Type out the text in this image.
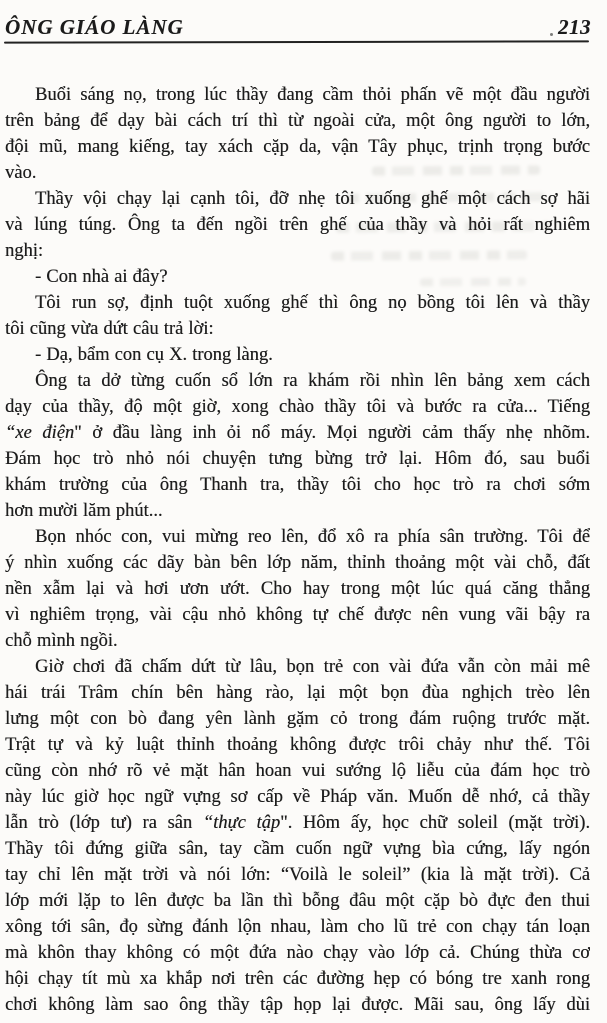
ÔNG GIÁO LÀNG	213
Buổi sáng nọ, trong lúc thầy đang cầm thỏi phấn vẽ một đầu người
trên bảng để dạy bài cách trí thì từ ngoài cửa, một ông người to lớn,
đội mũ, mang kiếng, tay xách cặp da, vận Tây phục, trịnh trọng bước
vào.
Thầy vội chạy lại cạnh tôi, đỡ nhẹ tôi xuống ghế một cách sợ hãi
và lúng túng. Ông ta đến ngồi trên ghế của thầy và hỏi rất nghiêm
nghị:
- Con nhà ai đây?
Tôi run sợ, định tuột xuống ghế thì ông nọ bồng tôi lên và thầy
tôi cũng vừa dứt câu trả lời:
- Dạ, bẩm con cụ X. trong làng.
Ông ta dở từng cuốn sổ lớn ra khám rồi nhìn lên bảng xem cách
dạy của thầy, độ một giờ, xong chào thầy tôi và bước ra cửa... Tiếng
“xe điện" ở đầu làng inh ỏi nổ máy. Mọi người cảm thấy nhẹ nhõm.
Đám học trò nhỏ nói chuyện tưng bừng trở lại. Hôm đó, sau buổi
khám trường của ông Thanh tra, thầy tôi cho học trò ra chơi sớm
hơn mười lăm phút...
Bọn nhóc con, vui mừng reo lên, đổ xô ra phía sân trường. Tôi để
ý nhìn xuống các dãy bàn bên lớp năm, thỉnh thoảng một vài chỗ, đất
nền xẫm lại và hơi ươn ướt. Cho hay trong một lúc quá căng thẳng
vì nghiêm trọng, vài cậu nhỏ không tự chế được nên vung vãi bậy ra
chỗ mình ngồi.
Giờ chơi đã chấm dứt từ lâu, bọn trẻ con vài đứa vẫn còn mải mê
hái trái Trâm chín bên hàng rào, lại một bọn đùa nghịch trèo lên
lưng một con bò đang yên lành gặm cỏ trong đám ruộng trước mặt.
Trật tự và kỷ luật thỉnh thoảng không được trôi chảy như thế. Tôi
cũng còn nhớ rõ vẻ mặt hân hoan vui sướng lộ liễu của đám học trò
này lúc giờ học ngữ vựng sơ cấp về Pháp văn. Muốn dễ nhớ, cả thầy
lẫn trò (lớp tư) ra sân “thực tập". Hôm ấy, học chữ soleil (mặt trời).
Thầy tôi đứng giữa sân, tay cầm cuốn ngữ vựng bìa cứng, lấy ngón
tay chỉ lên mặt trời và nói lớn: “Voilà le soleil” (kia là mặt trời). Cả
lớp mới lặp to lên được ba lần thì bỗng đâu một cặp bò đực đen thui
xông tới sân, đọ sừng đánh lộn nhau, làm cho lũ trẻ con chạy tán loạn
mà khôn thay không có một đứa nào chạy vào lớp cả. Chúng thừa cơ
hội chạy tít mù xa khắp nơi trên các đường hẹp có bóng tre xanh rong
chơi không làm sao ông thầy tập họp lại được. Mãi sau, ông lấy dùi
